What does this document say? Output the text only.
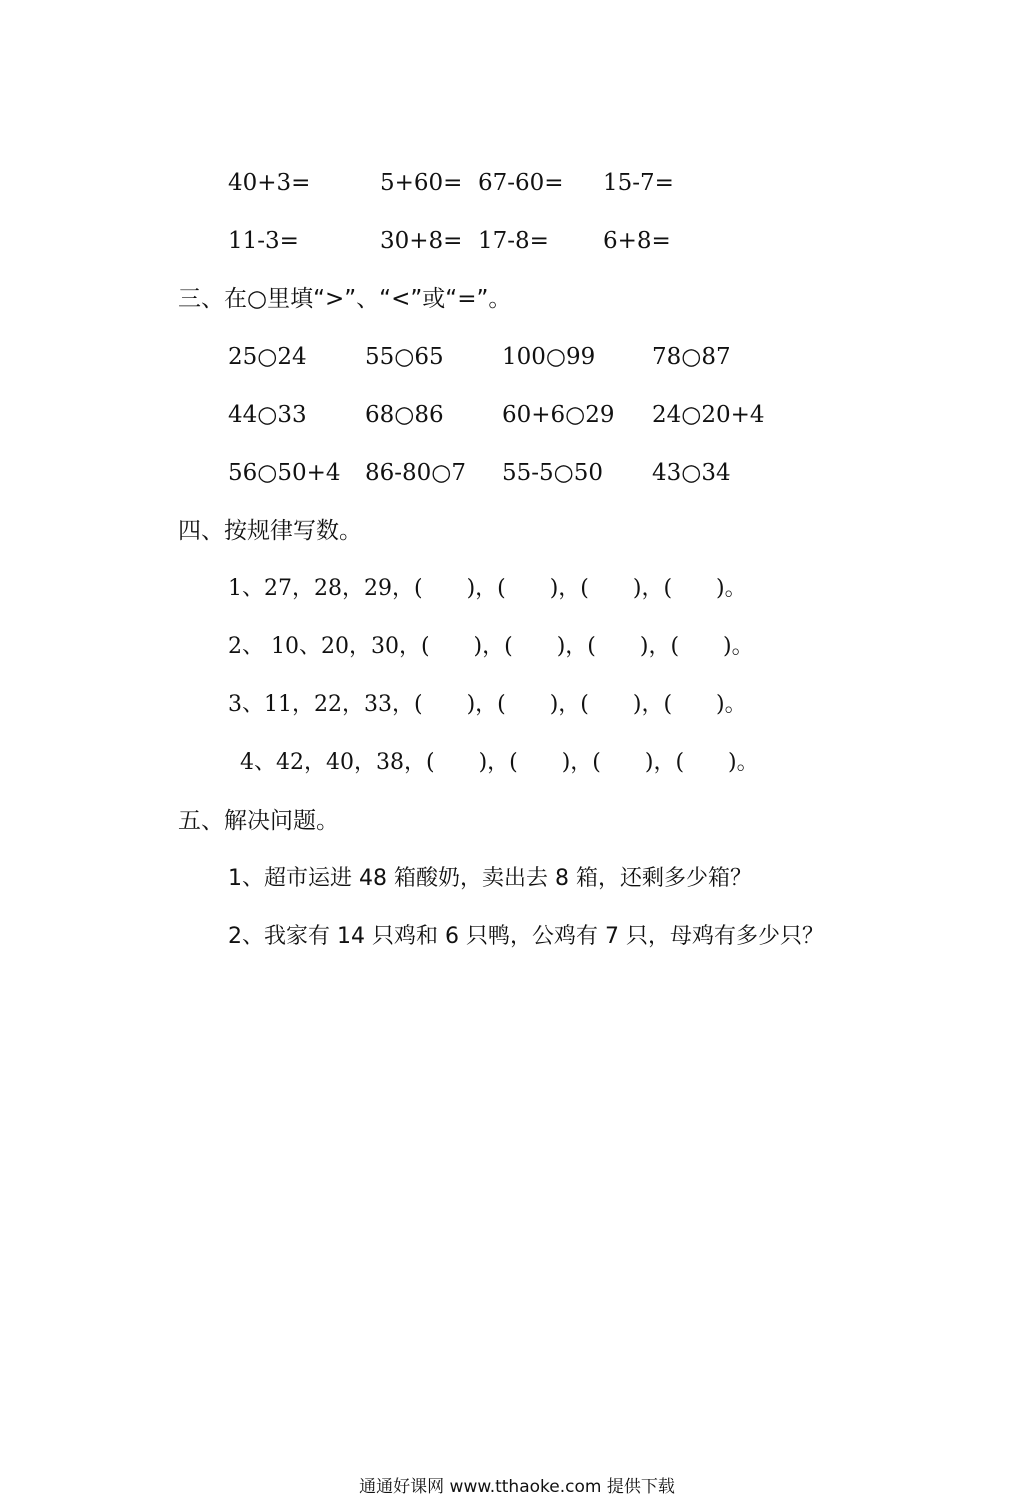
40+3=	5+60= 67-60= 15-7=
11-3=	30+8= 17-8= 6+8=
三、在○里填“>”、“<”或“=”。
25○24	55○65	100○99 78○87
44○33	68○86	60+6○29 24○20+4
56○50+4 86-80○7 55-5○50 43○34
四、按规律写数。
1、27，28，29，(　　)，(　　)，(　　)，(　　)。
2、 10、20，30，(　　)，(　　)，(　　)，(　　)。
3、11，22，33，(　　)，(　　)，(　　)，(　　)。
4、42，40，38，(　　)，(　　)，(　　)，(　　)。
五、解决问题。
1、超市运进 48 箱酸奶，卖出去 8 箱，还剩多少箱？
2、我家有 14 只鸡和 6 只鸭，公鸡有 7 只，母鸡有多少只？
通通好课网 www.tthaoke.com 提供下载
